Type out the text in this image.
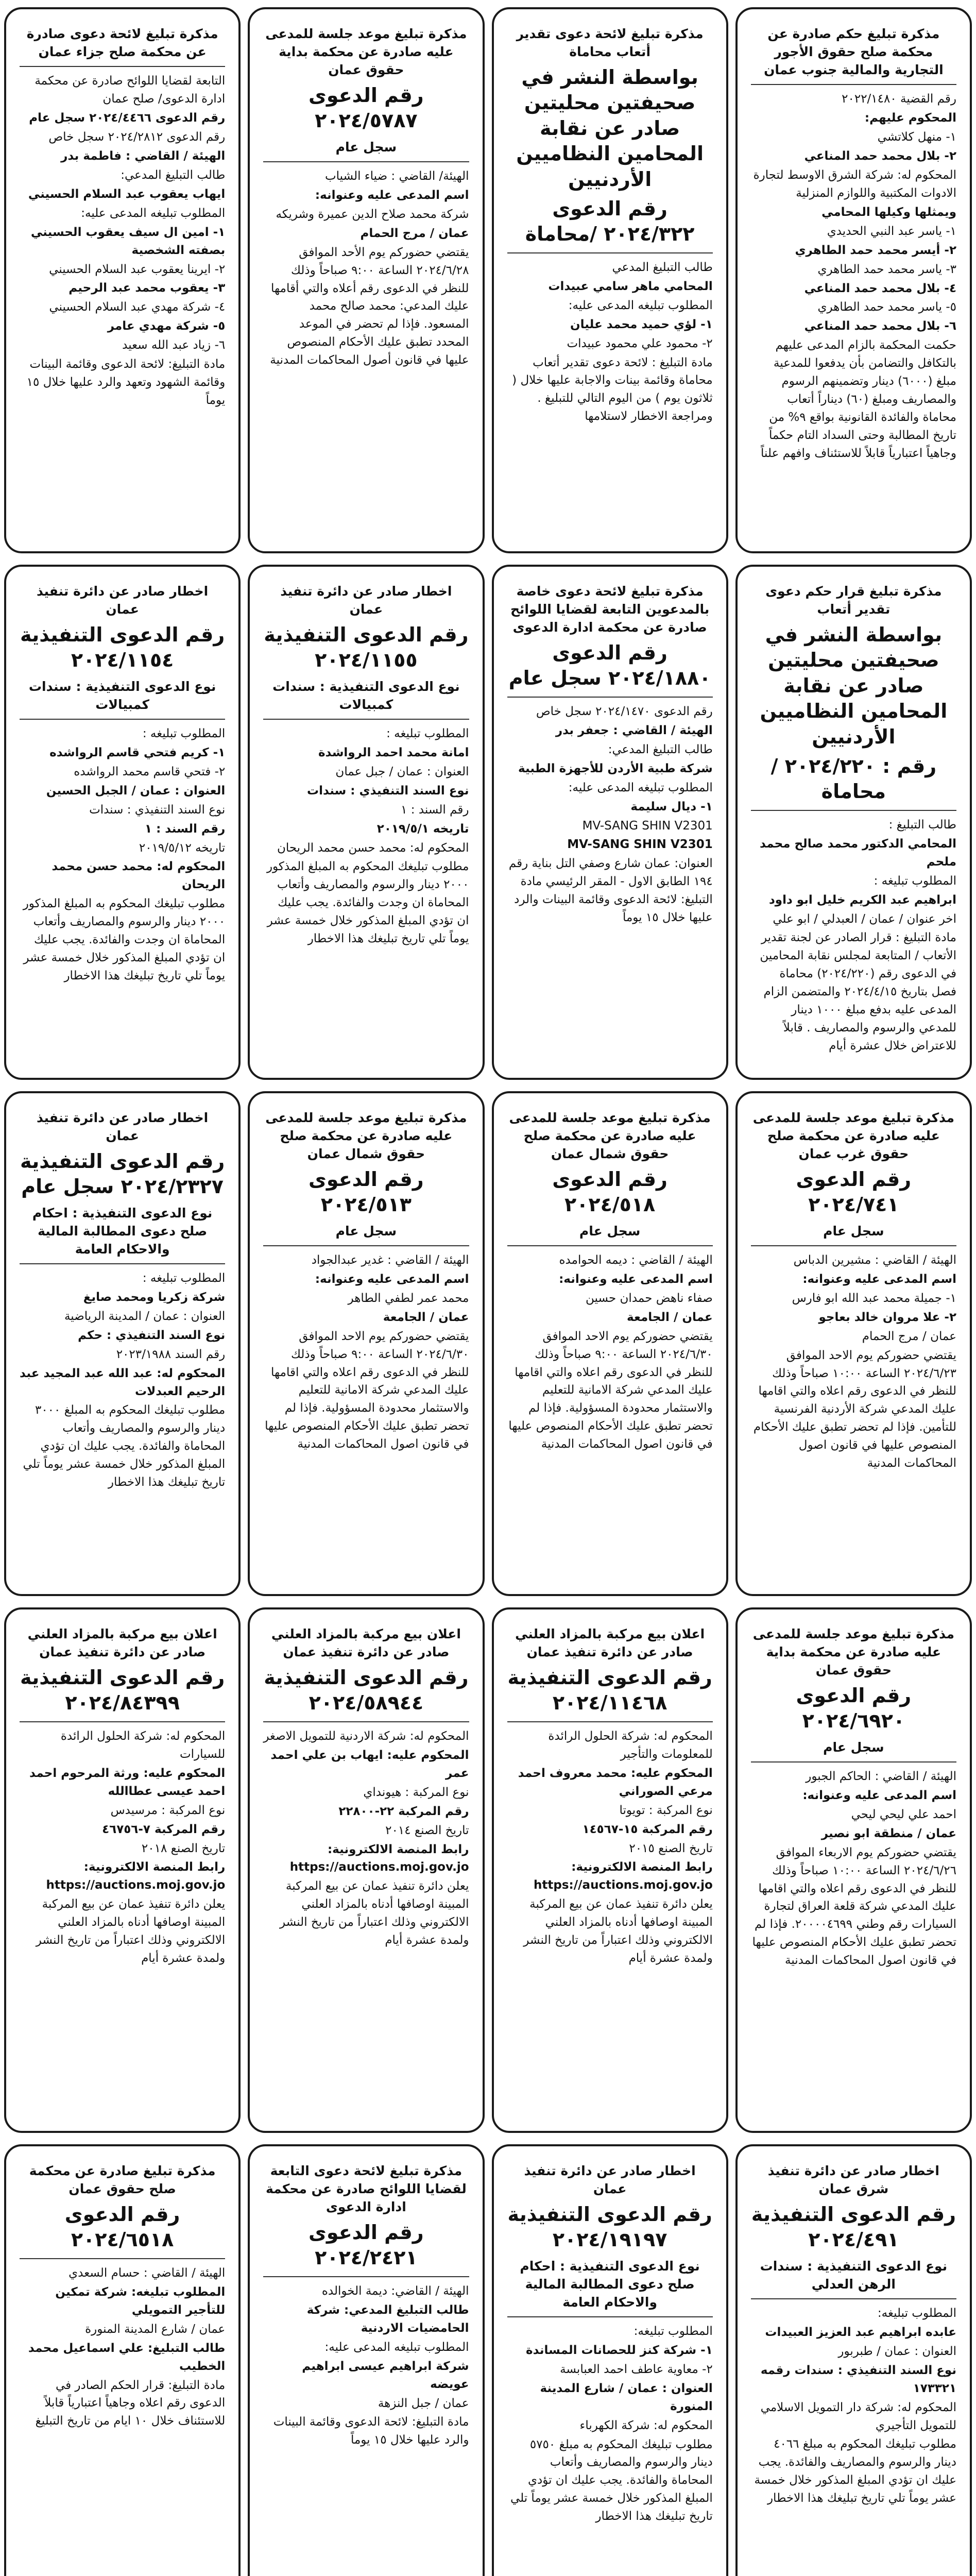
مذكرة تبليغ حكم صادرة عن محكمة صلح حقوق الأجور التجارية والمالية جنوب عمان

رقم القضية ٢٠٢٢/١٤٨٠

المحكوم عليهم:

١- منهل كلاتشي

٢- بلال محمد حمد المناعي

المحكوم له: شركة الشرق الاوسط لتجارة الادوات المكتبية واللوازم المنزلية

ويمثلها وكيلها المحامي

١- ياسر عبد النبي الحديدي

٢- أيسر محمد حمد الطاهري

٣- ياسر محمد حمد الطاهري

٤- بلال محمد حمد المناعي

٥- ياسر محمد حمد الطاهري

٦- بلال محمد حمد المناعي

حكمت المحكمة بالزام المدعى عليهم بالتكافل والتضامن بأن يدفعوا للمدعية مبلغ (٦٠٠٠) دينار وتضمينهم الرسوم والمصاريف ومبلغ (٦٠) ديناراً أتعاب محاماة والفائدة القانونية بواقع ٩% من تاريخ المطالبة وحتى السداد التام حكماً وجاهياً اعتبارياً قابلاً للاستئناف وافهم علناً

مذكرة تبليغ لائحة دعوى تقدير أتعاب محاماة
بواسطة النشر في صحيفتين محليتين صادر عن نقابة المحامين النظاميين الأردنيين
رقم الدعوى ٢٠٢٤/٣٢٢ /محاماة

طالب التبليغ المدعي

المحامي ماهر سامي عبيدات

المطلوب تبليغه المدعى عليه:

١- لؤي حميد محمد عليان

٢- محمود علي محمود عبيدات

مادة التبليغ : لائحة دعوى تقدير أتعاب محاماة وقائمة بينات والاجابة عليها خلال ( ثلاثون يوم ) من اليوم التالي للتبليغ . ومراجعة الاخطار لاستلامها

مذكرة تبليغ موعد جلسة للمدعى عليه صادرة عن محكمة بداية حقوق عمان
رقم الدعوى ٢٠٢٤/٥٧٨٧
سجل عام

الهيئة/ القاضي : ضياء الشياب

اسم المدعى عليه وعنوانه:

شركة محمد صلاح الدين عميرة وشريكه

عمان / مرج الحمام

يقتضي حضوركم يوم الأحد الموافق ٢٠٢٤/٦/٢٨ الساعة ٩:٠٠ صباحاً وذلك للنظر في الدعوى رقم أعلاه والتي أقامها عليك المدعي: محمد صالح محمد المسعود. فإذا لم تحضر في الموعد المحدد تطبق عليك الأحكام المنصوص عليها في قانون أصول المحاكمات المدنية

مذكرة تبليغ لائحة دعوى صادرة عن محكمة صلح جزاء عمان

التابعة لقضايا اللوائح صادرة عن محكمة ادارة الدعوى/ صلح عمان

رقم الدعوى ٢٠٢٤/٤٤٦٦ سجل عام

رقم الدعوى ٢٠٢٤/٢٨١٢ سجل خاص

الهيئة / القاضي : فاطمة بدر

طالب التبليغ المدعي:

ايهاب يعقوب عبد السلام الحسيني

المطلوب تبليغه المدعى عليه:

١- امين ال سيف يعقوب الحسيني بصفته الشخصية

٢- ايرينا يعقوب عبد السلام الحسيني

٣- يعقوب محمد عبد الرحيم

٤- شركة مهدي عبد السلام الحسيني

٥- شركة مهدي عامر

٦- زياد عبد الله سعيد

مادة التبليغ: لائحة الدعوى وقائمة البينات وقائمة الشهود وتعهد والرد عليها خلال ١٥ يوماً

مذكرة تبليغ قرار حكم دعوى تقدير أتعاب
بواسطة النشر في صحيفتين محليتين صادر عن نقابة المحامين النظاميين الأردنيين
رقم : ٢٠٢٤/٢٢٠ /محاماة

طالب التبليغ :

المحامي الدكتور محمد صالح محمد ملحم

المطلوب تبليغه :

ابراهيم عبد الكريم خليل ابو داود

اخر عنوان / عمان / العبدلي / ابو علي

مادة التبليغ : قرار الصادر عن لجنة تقدير الأتعاب / المتابعة لمجلس نقابة المحامين في الدعوى رقم (٢٠٢٤/٢٢٠) محاماة فصل بتاريخ ٢٠٢٤/٤/١٥ والمتضمن الزام المدعى عليه بدفع مبلغ ١٠٠٠ دينار للمدعي والرسوم والمصاريف . قابلاً للاعتراض خلال عشرة أيام

مذكرة تبليغ لائحة دعوى خاصة بالمدعوين التابعة لقضايا اللوائح صادرة عن محكمة ادارة الدعوى
رقم الدعوى ٢٠٢٤/١٨٨٠ سجل عام

رقم الدعوى ٢٠٢٤/١٤٧٠ سجل خاص

الهيئة / القاضي : جعفر بدر

طالب التبليغ المدعي:

شركة طبية الأردن للأجهزة الطبية

المطلوب تبليغه المدعى عليه:

١- ديال سليمة

MV-SANG SHIN V2301

MV-SANG SHIN V2301

العنوان: عمان شارع وصفي التل بناية رقم ١٩٤ الطابق الاول - المقر الرئيسي مادة التبليغ: لائحة الدعوى وقائمة البينات والرد عليها خلال ١٥ يوماً

اخطار صادر عن دائرة تنفيذ عمان
رقم الدعوى التنفيذية ٢٠٢٤/١١٥٥
نوع الدعوى التنفيذية : سندات كمبيالات

المطلوب تبليغه :

امانة محمد احمد الرواشدة

العنوان : عمان / جبل عمان

نوع السند التنفيذي : سندات

رقم السند : ١

تاريخه ٢٠١٩/٥/١

المحكوم له: محمد حسن محمد الريحان

مطلوب تبليغك المحكوم به المبلغ المذكور ٢٠٠٠ دينار والرسوم والمصاريف وأتعاب المحاماة ان وجدت والفائدة. يجب عليك ان تؤدي المبلغ المذكور خلال خمسة عشر يوماً تلي تاريخ تبليغك هذا الاخطار

اخطار صادر عن دائرة تنفيذ عمان
رقم الدعوى التنفيذية ٢٠٢٤/١١٥٤
نوع الدعوى التنفيذية : سندات كمبيالات

المطلوب تبليغه :

١- كريم فتحي قاسم الرواشده

٢- فتحي قاسم محمد الرواشده

العنوان : عمان / الجبل الحسين

نوع السند التنفيذي : سندات

رقم السند : ١

تاريخه ٢٠١٩/٥/١٢

المحكوم له: محمد حسن محمد الريحان

مطلوب تبليغك المحكوم به المبلغ المذكور ٢٠٠٠ دينار والرسوم والمصاريف وأتعاب المحاماة ان وجدت والفائدة. يجب عليك ان تؤدي المبلغ المذكور خلال خمسة عشر يوماً تلي تاريخ تبليغك هذا الاخطار

مذكرة تبليغ موعد جلسة للمدعى عليه صادرة عن محكمة صلح حقوق غرب عمان
رقم الدعوى ٢٠٢٤/٧٤١
سجل عام

الهيئة / القاضي : مشيرين الدباس

اسم المدعى عليه وعنوانه:

١- جميلة محمد عبد الله ابو فارس

٢- علا مروان خالد بعاجو

عمان / مرج الحمام

يقتضي حضوركم يوم الاحد الموافق ٢٠٢٤/٦/٢٣ الساعة ١٠:٠٠ صباحاً وذلك للنظر في الدعوى رقم اعلاه والتي اقامها عليك المدعي شركة الأردنية الفرنسية للتأمين. فإذا لم تحضر تطبق عليك الأحكام المنصوص عليها في قانون اصول المحاكمات المدنية

مذكرة تبليغ موعد جلسة للمدعى عليه صادرة عن محكمة صلح حقوق شمال عمان
رقم الدعوى ٢٠٢٤/٥١٨
سجل عام

الهيئة / القاضي : ديمه الحوامده

اسم المدعى عليه وعنوانه:

صفاء ناهض حمدان حسين

عمان / الجامعة

يقتضي حضوركم يوم الاحد الموافق ٢٠٢٤/٦/٣٠ الساعة ٩:٠٠ صباحاً وذلك للنظر في الدعوى رقم اعلاه والتي اقامها عليك المدعي شركة الامانية للتعليم والاستثمار محدودة المسؤولية. فإذا لم تحضر تطبق عليك الأحكام المنصوص عليها في قانون اصول المحاكمات المدنية

مذكرة تبليغ موعد جلسة للمدعى عليه صادرة عن محكمة صلح حقوق شمال عمان
رقم الدعوى ٢٠٢٤/٥١٣
سجل عام

الهيئة / القاضي : غدير عبدالجواد

اسم المدعى عليه وعنوانه:

محمد عمر لطفي الطاهر

عمان / الجامعة

يقتضي حضوركم يوم الاحد الموافق ٢٠٢٤/٦/٣٠ الساعة ٩:٠٠ صباحاً وذلك للنظر في الدعوى رقم اعلاه والتي اقامها عليك المدعي شركة الامانية للتعليم والاستثمار محدودة المسؤولية. فإذا لم تحضر تطبق عليك الأحكام المنصوص عليها في قانون اصول المحاكمات المدنية

اخطار صادر عن دائرة تنفيذ عمان
رقم الدعوى التنفيذية ٢٠٢٤/٢٣٢٧ سجل عام
نوع الدعوى التنفيذية : احكام صلح دعوى المطالبة المالية والاحكام العامة

المطلوب تبليغه :

شركة زكريا ومحمد صايغ

العنوان : عمان / المدينة الرياضية

نوع السند التنفيذي : حكم

رقم السند ٢٠٢٣/١٩٨٨

المحكوم له: عبد الله عبد المجيد عبد الرحيم العبدلات

مطلوب تبليغك المحكوم به المبلغ ٣٠٠٠ دينار والرسوم والمصاريف وأتعاب المحاماة والفائدة. يجب عليك ان تؤدي المبلغ المذكور خلال خمسة عشر يوماً تلي تاريخ تبليغك هذا الاخطار

مذكرة تبليغ موعد جلسة للمدعى عليه صادرة عن محكمة بداية حقوق عمان
رقم الدعوى ٢٠٢٤/٦٩٢٠
سجل عام

الهيئة / القاضي : الحاكم الجبور

اسم المدعى عليه وعنوانه:

احمد علي ليحي ليحي

عمان / منطقة ابو نصير

يقتضي حضوركم يوم الاربعاء الموافق ٢٠٢٤/٦/٢٦ الساعة ١٠:٠٠ صباحاً وذلك للنظر في الدعوى رقم اعلاه والتي اقامها عليك المدعي شركة قلعة العراق لتجارة السيارات رقم وطني ٢٠٠٠٠٤٦٩٩. فإذا لم تحضر تطبق عليك الأحكام المنصوص عليها في قانون اصول المحاكمات المدنية

اعلان بيع مركبة بالمزاد العلني صادر عن دائرة تنفيذ عمان
رقم الدعوى التنفيذية ٢٠٢٤/١١٤٦٨

المحكوم له: شركة الحلول الرائدة للمعلومات والتأجير

المحكوم عليه: محمد معروف احمد مرعي الصوراني

نوع المركبة : تويوتا

رقم المركبة ١٥-١٤٥٦٧

تاريخ الصنع ٢٠١٥

رابط المنصة الالكترونية: https://auctions.moj.gov.jo

يعلن دائرة تنفيذ عمان عن بيع المركبة المبينة اوصافها أدناه بالمزاد العلني الالكتروني وذلك اعتباراً من تاريخ النشر ولمدة عشرة أيام

اعلان بيع مركبة بالمزاد العلني صادر عن دائرة تنفيذ عمان
رقم الدعوى التنفيذية ٢٠٢٤/٥٨٩٤٤

المحكوم له: شركة الاردنية للتمويل الاصغر

المحكوم عليه: ايهاب بن علي احمد عمر

نوع المركبة : هيونداي

رقم المركبة ٢٢-٢٢٨٠٠

تاريخ الصنع ٢٠١٤

رابط المنصة الالكترونية: https://auctions.moj.gov.jo

يعلن دائرة تنفيذ عمان عن بيع المركبة المبينة اوصافها أدناه بالمزاد العلني الالكتروني وذلك اعتباراً من تاريخ النشر ولمدة عشرة أيام

اعلان بيع مركبة بالمزاد العلني صادر عن دائرة تنفيذ عمان
رقم الدعوى التنفيذية ٢٠٢٤/٨٤٣٩٩

المحكوم له: شركة الحلول الرائدة للسيارات

المحكوم عليه: ورثة المرحوم احمد احمد عيسى عطاالله

نوع المركبة : مرسيدس

رقم المركبة ٧-٤٦٧٥٦

تاريخ الصنع ٢٠١٨

رابط المنصة الالكترونية: https://auctions.moj.gov.jo

يعلن دائرة تنفيذ عمان عن بيع المركبة المبينة اوصافها أدناه بالمزاد العلني الالكتروني وذلك اعتباراً من تاريخ النشر ولمدة عشرة أيام

اخطار صادر عن دائرة تنفيذ شرق عمان
رقم الدعوى التنفيذية ٢٠٢٤/٤٩١
نوع الدعوى التنفيذية : سندات الرهن العدلي

المطلوب تبليغه:

عابده ابراهيم عبد العزيز العبيدات

العنوان : عمان / طبربور

نوع السند التنفيذي : سندات رقمه ١٧٣٣٢١

المحكوم له: شركة دار التمويل الاسلامي للتمويل التأجيري

مطلوب تبليغك المحكوم به مبلغ ٤٠٦٦ دينار والرسوم والمصاريف والفائدة. يجب عليك ان تؤدي المبلغ المذكور خلال خمسة عشر يوماً تلي تاريخ تبليغك هذا الاخطار

اخطار صادر عن دائرة تنفيذ عمان
رقم الدعوى التنفيذية ٢٠٢٤/١٩١٩٧
نوع الدعوى التنفيذية : احكام صلح دعوى المطالبة المالية والاحكام العامة

المطلوب تبليغه:

١- شركة كنز للحصانات المساندة

٢- معاوية عاطف احمد العبابسة

العنوان : عمان / شارع المدينة المنورة

المحكوم له: شركة الكهرباء

مطلوب تبليغك المحكوم به مبلغ ٥٧٥٠ دينار والرسوم والمصاريف وأتعاب المحاماة والفائدة. يجب عليك ان تؤدي المبلغ المذكور خلال خمسة عشر يوماً تلي تاريخ تبليغك هذا الاخطار

مذكرة تبليغ لائحة دعوى التابعة لقضايا اللوائح صادرة عن محكمة ادارة الدعوى
رقم الدعوى ٢٠٢٤/٢٤٢١

الهيئة / القاضي: ديمة الخوالده

طالب التبليغ المدعي: شركة الحامضيات الاردنية

المطلوب تبليغه المدعى عليه:

شركة ابراهيم عيسى ابراهيم عويضه

عمان / جبل النزهة

مادة التبليغ: لائحة الدعوى وقائمة البينات والرد عليها خلال ١٥ يوماً

مذكرة تبليغ صادرة عن محكمة صلح حقوق عمان
رقم الدعوى ٢٠٢٤/٦٥١٨

الهيئة / القاضي : حسام السعدي

المطلوب تبليغه: شركة تمكين للتأجير التمويلي

عمان / شارع المدينة المنورة

طالب التبليغ: علي اسماعيل محمد الخطيب

مادة التبليغ: قرار الحكم الصادر في الدعوى رقم اعلاه وجاهياً اعتبارياً قابلاً للاستئناف خلال ١٠ ايام من تاريخ التبليغ
